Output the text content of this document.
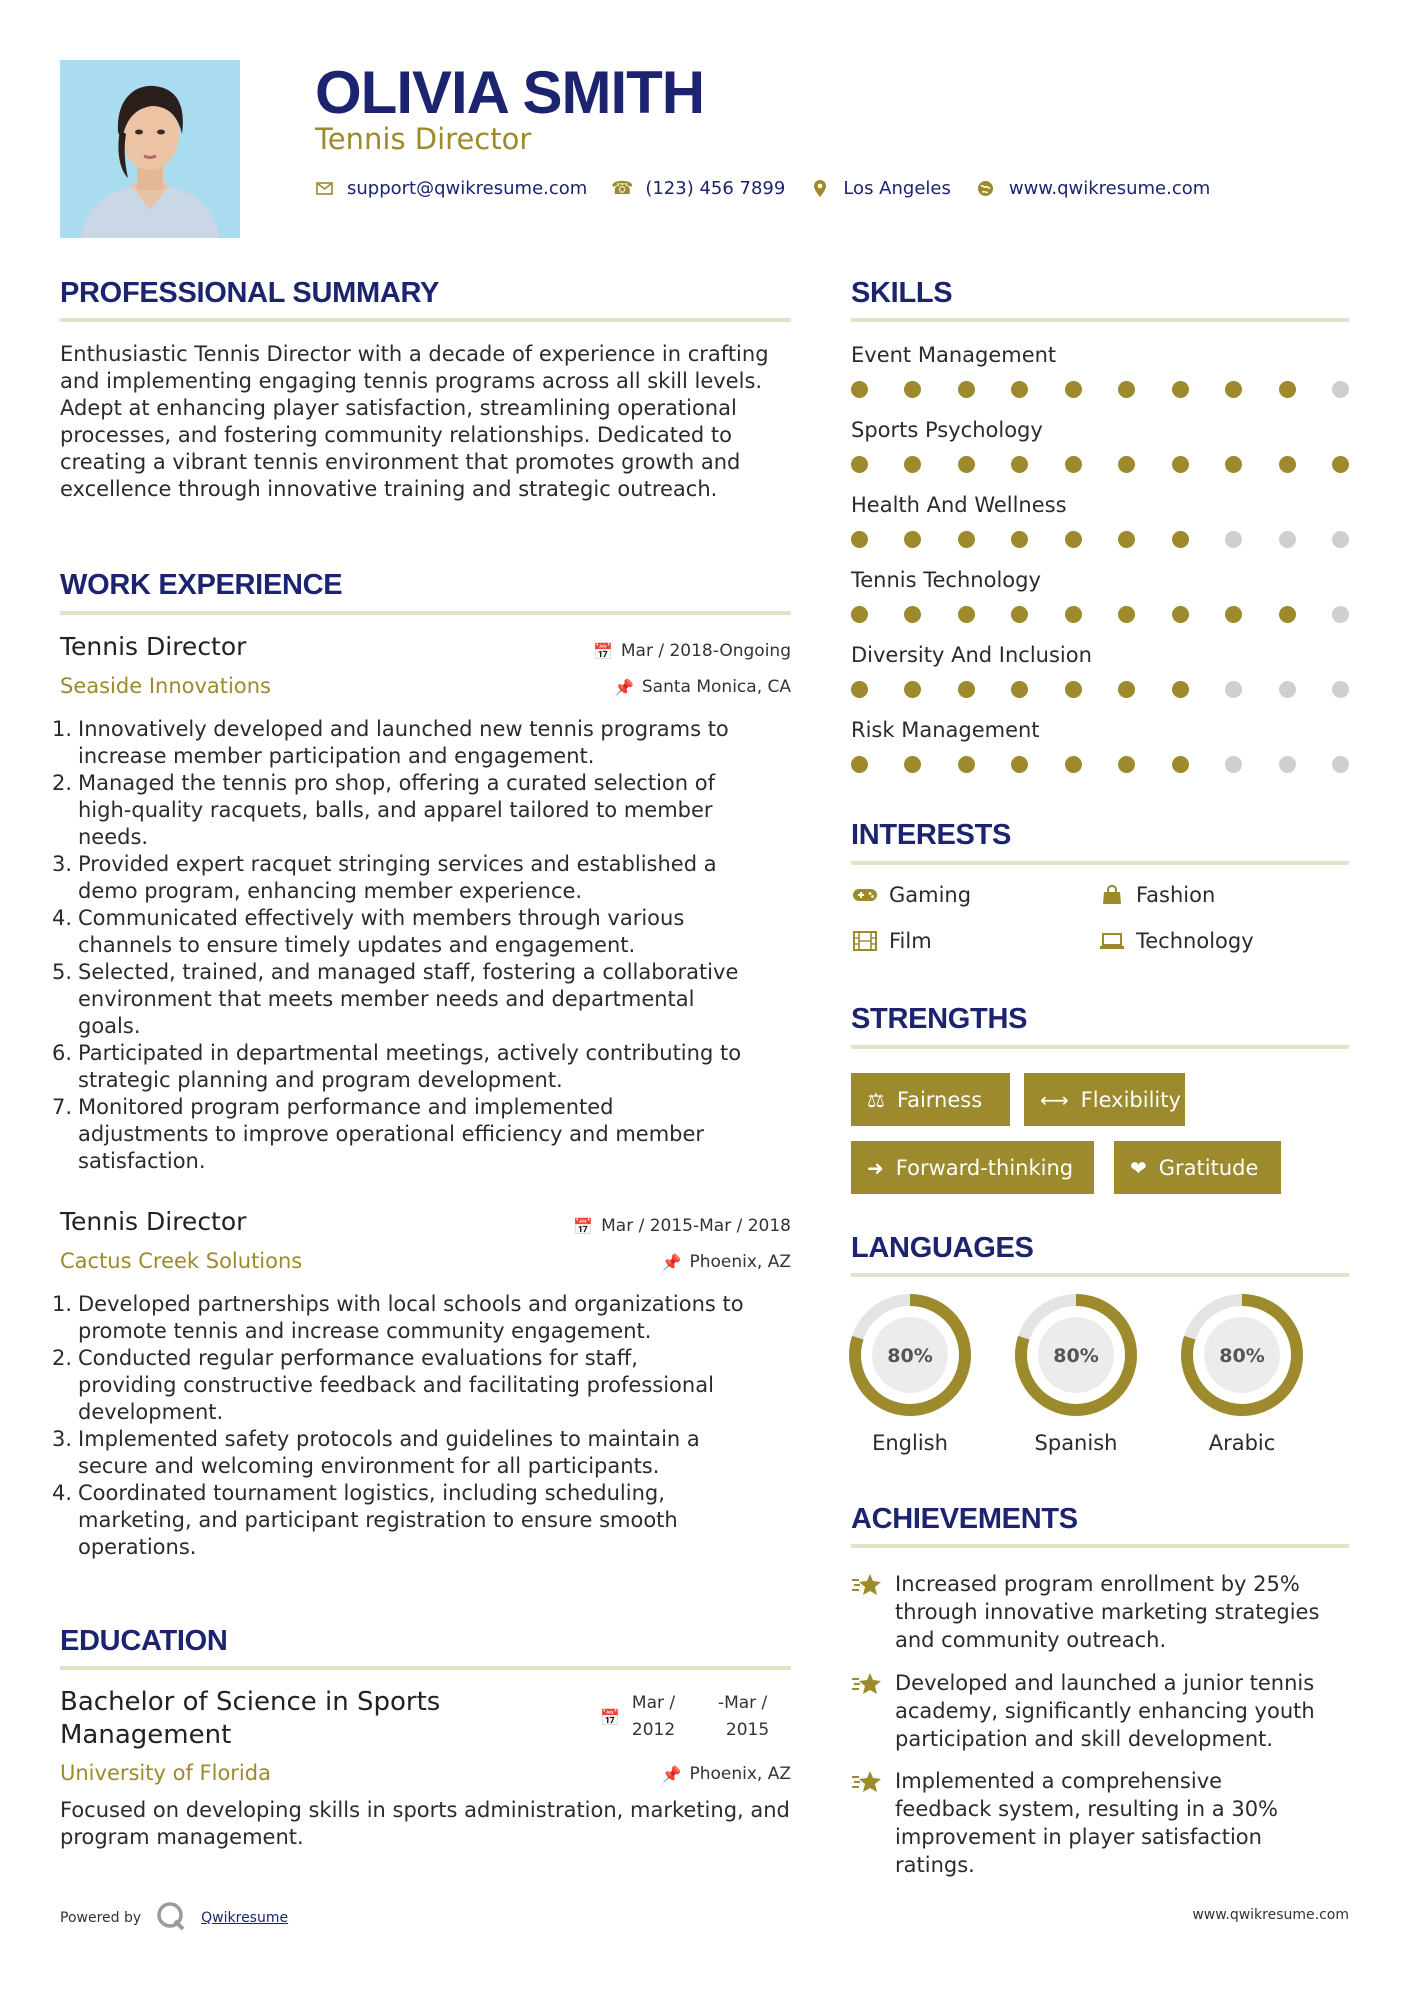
OLIVIA SMITH
Tennis Director
support@qwikresume.com ☎ (123) 456 7899	Los Angeles	www.qwikresume.com
PROFESSIONAL SUMMARY
Enthusiastic Tennis Director with a decade of experience in crafting and implementing engaging tennis programs across all skill levels. Adept at enhancing player satisfaction, streamlining operational processes, and fostering community relationships. Dedicated to creating a vibrant tennis environment that promotes growth and excellence through innovative training and strategic outreach.
WORK EXPERIENCE
Tennis Director	📅 Mar / 2018-Ongoing
Seaside Innovations	📌 Santa Monica, CA
1. Innovatively developed and launched new tennis programs to
increase member participation and engagement.
2. Managed the tennis pro shop, offering a curated selection of
high-quality racquets, balls, and apparel tailored to member
needs.
3. Provided expert racquet stringing services and established a
demo program, enhancing member experience.
4. Communicated effectively with members through various
channels to ensure timely updates and engagement.
5. Selected, trained, and managed staff, fostering a collaborative
environment that meets member needs and departmental
goals.
6. Participated in departmental meetings, actively contributing to
strategic planning and program development.
7. Monitored program performance and implemented
adjustments to improve operational efficiency and member
satisfaction.
Tennis Director	📅 Mar / 2015-Mar / 2018
Cactus Creek Solutions	📌 Phoenix, AZ
1. Developed partnerships with local schools and organizations to
promote tennis and increase community engagement.
2. Conducted regular performance evaluations for staff,
providing constructive feedback and facilitating professional
development.
3. Implemented safety protocols and guidelines to maintain a
secure and welcoming environment for all participants.
4. Coordinated tournament logistics, including scheduling,
marketing, and participant registration to ensure smooth
operations.
EDUCATION
Bachelor of Science in Sports
Management
📅
Mar /
2012
-Mar /
2015
University of Florida	📌 Phoenix, AZ
Focused on developing skills in sports administration, marketing, and program management.
SKILLS
Event Management
Sports Psychology
Health And Wellness
Tennis Technology
Diversity And Inclusion
Risk Management
INTERESTS
Gaming	Fashion
Film	Technology
STRENGTHS
⚖ Fairness	⟷ Flexibility
➜ Forward-thinking	❤ Gratitude
LANGUAGES
80%
English
80%
Spanish
80%
Arabic
ACHIEVEMENTS
Increased program enrollment by 25%
through innovative marketing strategies
and community outreach.
Developed and launched a junior tennis
academy, significantly enhancing youth
participation and skill development.
Implemented a comprehensive
feedback system, resulting in a 30%
improvement in player satisfaction
ratings.
Powered by	Qwikresume	www.qwikresume.com
